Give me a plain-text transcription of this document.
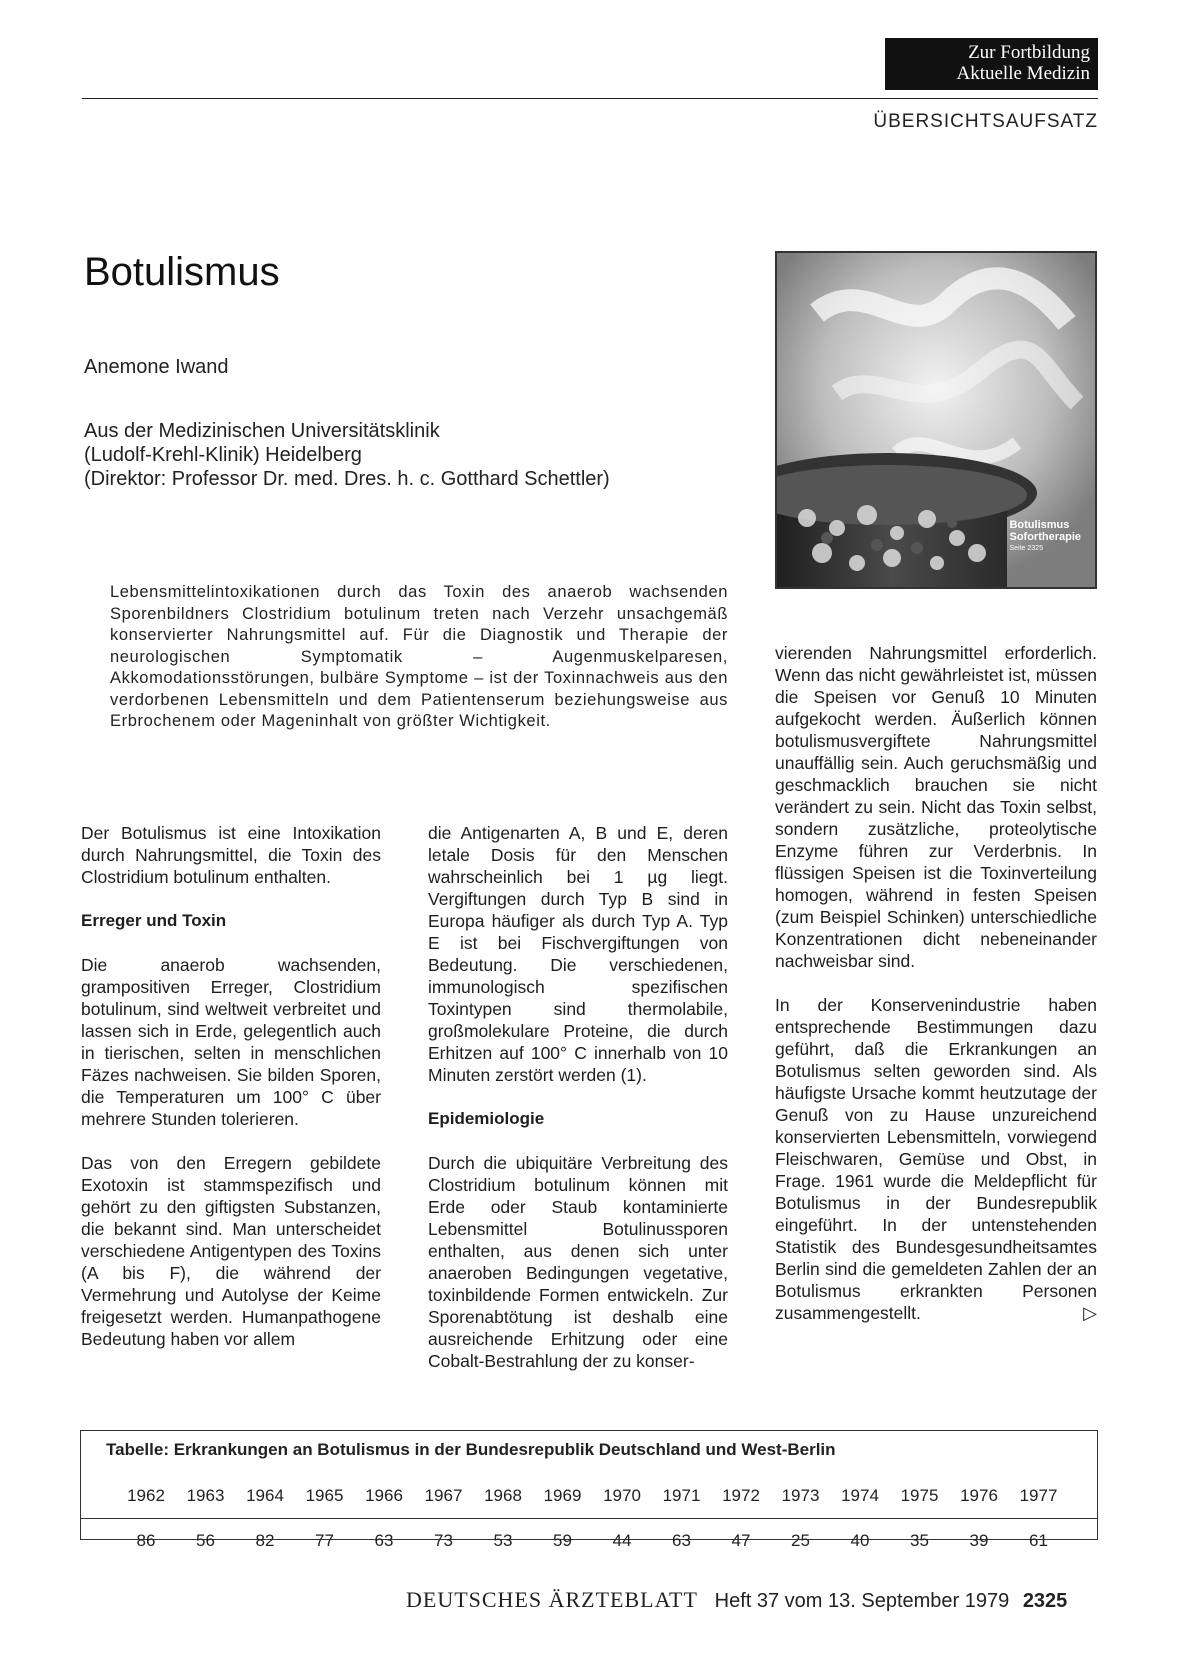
Zur Fortbildung
Aktuelle Medizin
ÜBERSICHTSAUFSATZ
Botulismus
Anemone Iwand
Aus der Medizinischen Universitätsklinik
(Ludolf-Krehl-Klinik) Heidelberg
(Direktor: Professor Dr. med. Dres. h. c. Gotthard Schettler)
Botulismus
Sofortherapie
Seite 2325
Lebensmittelintoxikationen durch das Toxin des anaerob wachsenden Sporenbildners Clostridium botulinum treten nach Verzehr unsachgemäß konservierter Nahrungsmittel auf. Für die Diagnostik und Therapie der neurologischen Symptomatik – Augenmuskelparesen, Akkomodationsstörungen, bulbäre Symptome – ist der Toxinnachweis aus den verdorbenen Lebensmitteln und dem Patientenserum beziehungsweise aus Erbrochenem oder Mageninhalt von größter Wichtigkeit.

Der Botulismus ist eine Intoxikation durch Nahrungsmittel, die Toxin des Clostridium botulinum enthalten.

Erreger und Toxin

Die anaerob wachsenden, grampositiven Erreger, Clostridium botulinum, sind weltweit verbreitet und lassen sich in Erde, gelegentlich auch in tierischen, selten in menschlichen Fäzes nachweisen. Sie bilden Sporen, die Temperaturen um 100° C über mehrere Stunden tolerieren.

Das von den Erregern gebildete Exotoxin ist stammspezifisch und gehört zu den giftigsten Substanzen, die bekannt sind. Man unterscheidet verschiedene Antigentypen des Toxins (A bis F), die während der Vermehrung und Autolyse der Keime freigesetzt werden. Humanpathogene Bedeutung haben vor allem

die Antigenarten A, B und E, deren letale Dosis für den Menschen wahrscheinlich bei 1 µg liegt. Vergiftungen durch Typ B sind in Europa häufiger als durch Typ A. Typ E ist bei Fischvergiftungen von Bedeutung. Die verschiedenen, immunologisch spezifischen Toxintypen sind thermolabile, großmolekulare Proteine, die durch Erhitzen auf 100° C innerhalb von 10 Minuten zerstört werden (1).

Epidemiologie

Durch die ubiquitäre Verbreitung des Clostridium botulinum können mit Erde oder Staub kontaminierte Lebensmittel Botulinussporen enthalten, aus denen sich unter anaeroben Bedingungen vegetative, toxinbildende Formen entwickeln. Zur Sporenabtötung ist deshalb eine ausreichende Erhitzung oder eine Cobalt-Bestrahlung der zu konser-

vierenden Nahrungsmittel erforderlich. Wenn das nicht gewährleistet ist, müssen die Speisen vor Genuß 10 Minuten aufgekocht werden. Äußerlich können botulismusvergiftete Nahrungsmittel unauffällig sein. Auch geruchsmäßig und geschmacklich brauchen sie nicht verändert zu sein. Nicht das Toxin selbst, sondern zusätzliche, proteolytische Enzyme führen zur Verderbnis. In flüssigen Speisen ist die Toxinverteilung homogen, während in festen Speisen (zum Beispiel Schinken) unterschiedliche Konzentrationen dicht nebeneinander nachweisbar sind.

In der Konservenindustrie haben entsprechende Bestimmungen dazu geführt, daß die Erkrankungen an Botulismus selten geworden sind. Als häufigste Ursache kommt heutzutage der Genuß von zu Hause unzureichend konservierten Lebensmitteln, vorwiegend Fleischwaren, Gemüse und Obst, in Frage. 1961 wurde die Meldepflicht für Botulismus in der Bundesrepublik eingeführt. In der untenstehenden Statistik des Bundesgesundheitsamtes Berlin sind die gemeldeten Zahlen der an Botulismus erkrankten Personen zusammengestellt.	▷

Tabelle: Erkrankungen an Botulismus in der Bundesrepublik Deutschland und West-Berlin
1962	1963	1964	1965	1966	1967	1968	1969	1970	1971	1972	1973	1974	1975	1976	1977
86	56	82	77	63	73	53	59	44	63	47	25	40	35	39	61
DEUTSCHES ÄRZTEBLATT Heft 37 vom 13. September 1979 2325
